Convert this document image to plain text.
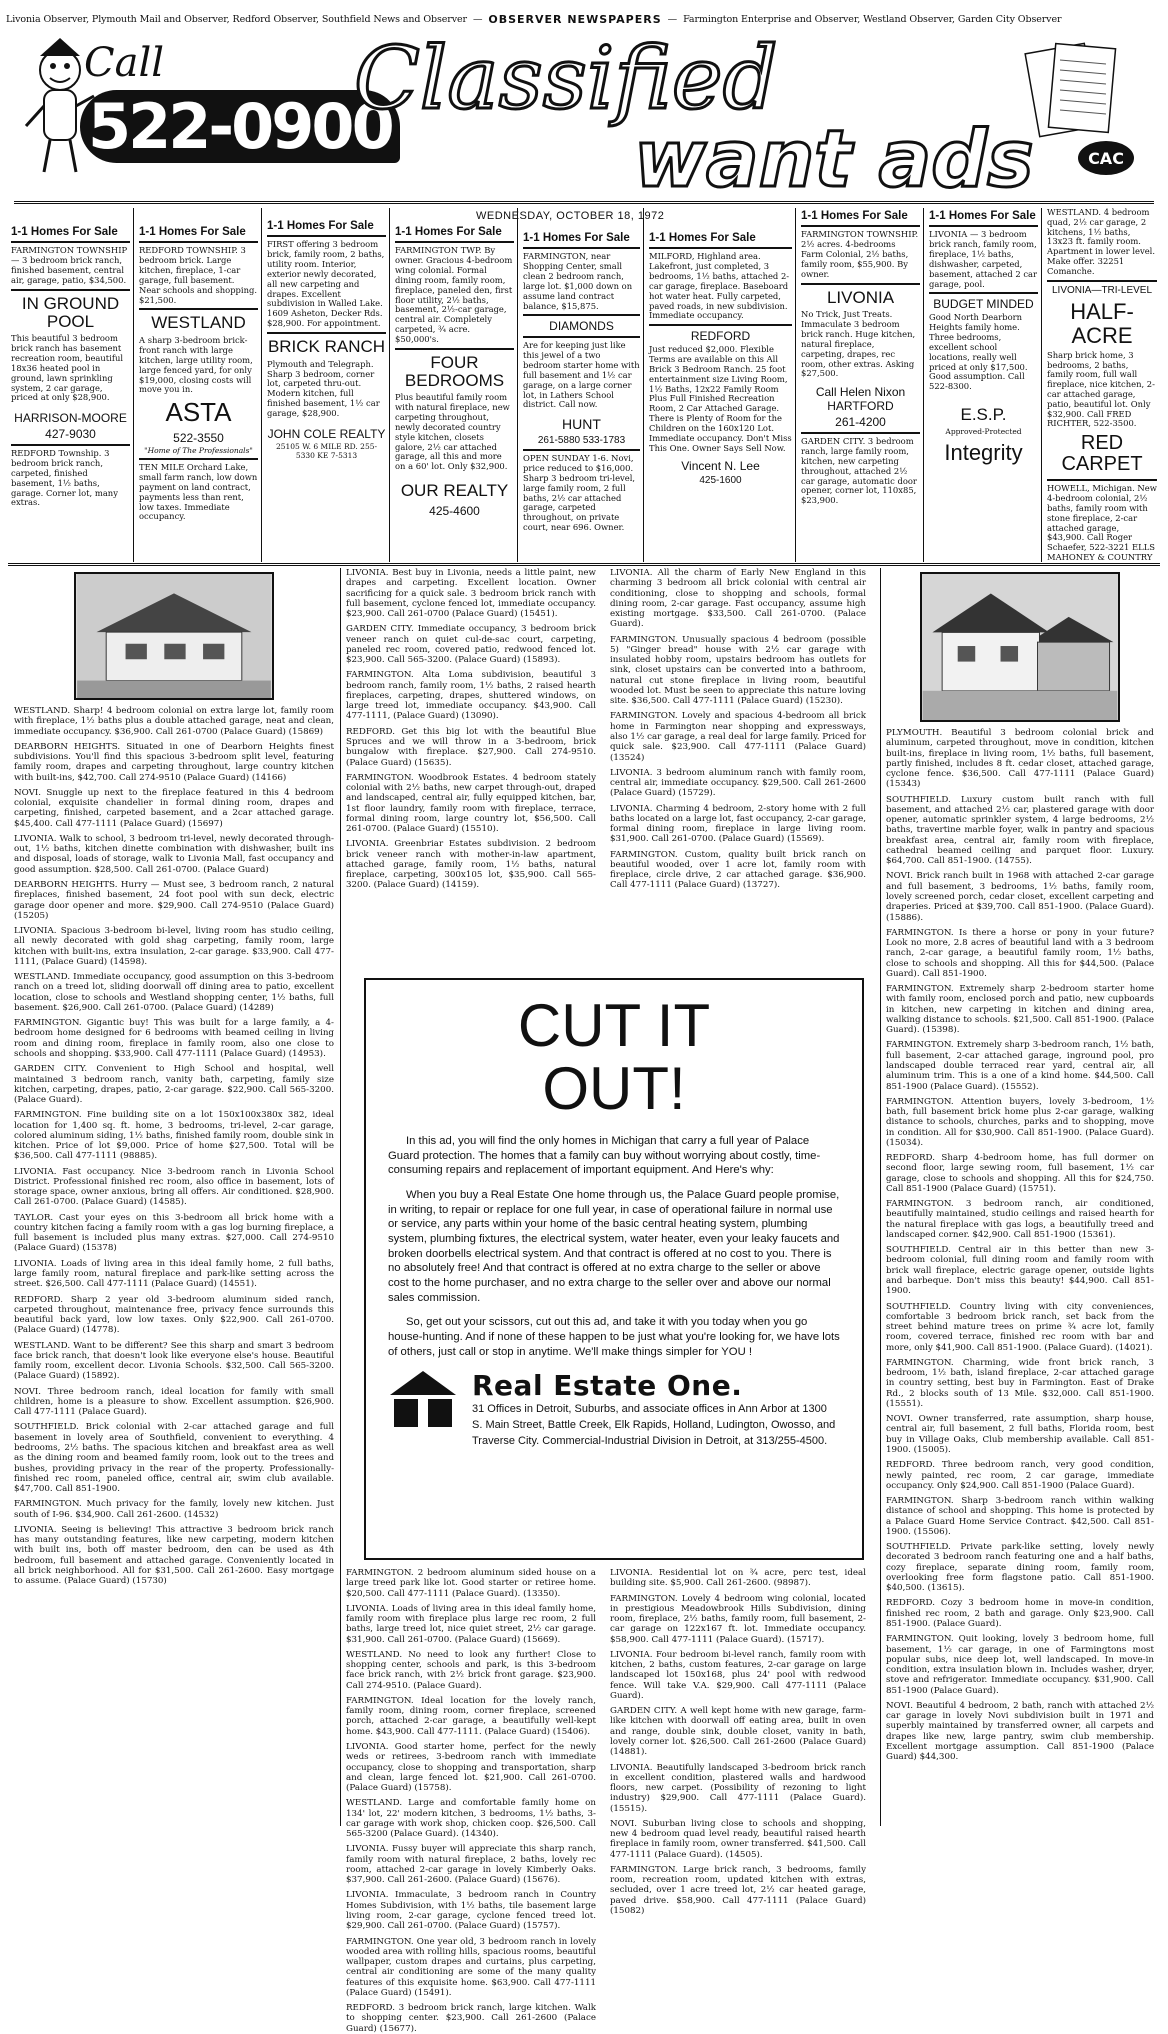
Livonia Observer, Plymouth Mail and Observer, Redford Observer, Southfield News and Observer — OBSERVER NEWSPAPERS — Farmington Enterprise and Observer, Westland Observer, Garden City Observer
Call
522-0900
Classified
want ads	CAC
WEDNESDAY, OCTOBER 18, 1972
1-1 Homes For Sale
FARMINGTON TOWNSHIP — 3 bedroom brick ranch, finished basement, central air, garage, patio, $34,500.
IN GROUND POOL
This beautiful 3 bedroom brick ranch has basement recreation room, beautiful 18x36 heated pool in ground, lawn sprinkling system, 2 car garage, priced at only $28,900.
HARRISON-MOORE
427-9030
REDFORD Township. 3 bedroom brick ranch, carpeted, finished basement, 1½ baths, garage. Corner lot, many extras.
1-1 Homes For Sale
REDFORD TOWNSHIP. 3 bedroom brick. Large kitchen, fireplace, 1-car garage, full basement. Near schools and shopping. $21,500.
WESTLAND
A sharp 3-bedroom brick-front ranch with large kitchen, large utility room, large fenced yard, for only $19,000, closing costs will move you in.
ASTA
522-3550
"Home of The Professionals"
TEN MILE Orchard Lake, small farm ranch, low down payment on land contract, payments less than rent, low taxes. Immediate occupancy.
1-1 Homes For Sale
FIRST offering 3 bedroom brick, family room, 2 baths, utility room. Interior, exterior newly decorated, all new carpeting and drapes. Excellent subdivision in Walled Lake. 1609 Asheton, Decker Rds. $28,900. For appointment.
BRICK RANCH
Plymouth and Telegraph. Sharp 3 bedroom, corner lot, carpeted thru-out. Modern kitchen, full finished basement, 1½ car garage, $28,900.
JOHN COLE REALTY
25105 W. 6 MILE RD. 255-5330 KE 7-5313
1-1 Homes For Sale
FARMINGTON TWP. By owner. Gracious 4-bedroom wing colonial. Formal dining room, family room, fireplace, paneled den, first floor utility, 2½ baths, basement, 2½-car garage, central air. Completely carpeted, ¾ acre. $50,000's.
FOUR BEDROOMS
Plus beautiful family room with natural fireplace, new carpeting throughout, newly decorated country style kitchen, closets galore, 2½ car attached garage, all this and more on a 60' lot. Only $32,900.
OUR REALTY
425-4600
1-1 Homes For Sale
FARMINGTON, near Shopping Center, small clean 2 bedroom ranch, large lot. $1,000 down on assume land contract balance, $15,875.
DIAMONDS
Are for keeping just like this jewel of a two bedroom starter home with full basement and 1½ car garage, on a large corner lot, in Lathers School district. Call now.
HUNT
261-5880 533-1783
OPEN SUNDAY 1-6. Novi, price reduced to $16,000. Sharp 3 bedroom tri-level, large family room, 2 full baths, 2½ car attached garage, carpeted throughout, on private court, near 696. Owner.
1-1 Homes For Sale
MILFORD, Highland area. Lakefront, just completed, 3 bedrooms, 1½ baths, attached 2-car garage, fireplace. Baseboard hot water heat. Fully carpeted, paved roads, in new subdivision. Immediate occupancy.
REDFORD
Just reduced $2,000. Flexible Terms are available on this All Brick 3 Bedroom Ranch. 25 foot entertainment size Living Room, 1½ Baths, 12x22 Family Room Plus Full Finished Recreation Room, 2 Car Attached Garage. There is Plenty of Room for the Children on the 160x120 Lot. Immediate occupancy. Don't Miss This One. Owner Says Sell Now.
Vincent N. Lee
425-1600
1-1 Homes For Sale
FARMINGTON TOWNSHIP. 2½ acres. 4-bedrooms Farm Colonial, 2½ baths, family room, $55,900. By owner.
LIVONIA
No Trick, Just Treats. Immaculate 3 bedroom brick ranch. Huge kitchen, natural fireplace, carpeting, drapes, rec room, other extras. Asking $27,500.
Call Helen Nixon HARTFORD
261-4200
GARDEN CITY. 3 bedroom ranch, large family room, kitchen, new carpeting throughout, attached 2½ car garage, automatic door opener, corner lot, 110x85, $23,900.
1-1 Homes For Sale
LIVONIA — 3 bedroom brick ranch, family room, fireplace, 1½ baths, dishwasher, carpeted, basement, attached 2 car garage, pool.
BUDGET MINDED
Good North Dearborn Heights family home. Three bedrooms, excellent school locations, really well priced at only $17,500. Good assumption. Call 522-8300.
E.S.P.
Approved-Protected
Integrity
WESTLAND. 4 bedroom quad, 2½ car garage, 2 kitchens, 1½ baths, 13x23 ft. family room. Apartment in lower level. Make offer. 32251 Comanche.
LIVONIA—TRI-LEVEL
HALF-ACRE
Sharp brick home, 3 bedrooms, 2 baths, family room, full wall fireplace, nice kitchen, 2-car attached garage, patio, beautiful lot. Only $32,900. Call FRED RICHTER, 522-3500.
RED CARPET
HOWELL, Michigan. New 4-bedroom colonial, 2½ baths, family room with stone fireplace, 2-car attached garage, $43,900. Call Roger Schaefer, 522-3221 ELLS MAHONEY & COUNTRY

WESTLAND. Sharp! 4 bedroom colonial on extra large lot, family room with fireplace, 1½ baths plus a double attached garage, neat and clean, immediate occupancy. $36,900. Call 261-0700 (Palace Guard) (15869)

DEARBORN HEIGHTS. Situated in one of Dearborn Heights finest subdivisions. You'll find this spacious 3-bedroom split level, featuring family room, drapes and carpeting throughout, large country kitchen with built-ins, $42,700. Call 274-9510 (Palace Guard) (14166)

NOVI. Snuggle up next to the fireplace featured in this 4 bedroom colonial, exquisite chandelier in formal dining room, drapes and carpeting, finished, carpeted basement, and a 2car attached garage. $45,400. Call 477-1111 (Palace Guard) (15697)

LIVONIA. Walk to school, 3 bedroom tri-level, newly decorated through-out, 1½ baths, kitchen dinette combination with dishwasher, built ins and disposal, loads of storage, walk to Livonia Mall, fast occupancy and good assumption. $28,500. Call 261-0700. (Palace Guard)

DEARBORN HEIGHTS. Hurry — Must see, 3 bedroom ranch, 2 natural fireplaces, finished basement, 24 foot pool with sun deck, electric garage door opener and more. $29,900. Call 274-9510 (Palace Guard) (15205)

LIVONIA. Spacious 3-bedroom bi-level, living room has studio ceiling, all newly decorated with gold shag carpeting, family room, large kitchen with built-ins, extra insulation, 2-car garage. $33,900. Call 477-1111, (Palace Guard) (14598).

WESTLAND. Immediate occupancy, good assumption on this 3-bedroom ranch on a treed lot, sliding doorwall off dining area to patio, excellent location, close to schools and Westland shopping center, 1½ baths, full basement. $26,900. Call 261-0700. (Palace Guard) (14289)

FARMINGTON. Gigantic buy! This was built for a large family, a 4-bedroom home designed for 6 bedrooms with beamed ceiling in living room and dining room, fireplace in family room, also one close to schools and shopping. $33,900. Call 477-1111 (Palace Guard) (14953).

GARDEN CITY. Convenient to High School and hospital, well maintained 3 bedroom ranch, vanity bath, carpeting, family size kitchen, carpeting, drapes, patio, 2-car garage. $22,900. Call 565-3200. (Palace Guard).

FARMINGTON. Fine building site on a lot 150x100x380x 382, ideal location for 1,400 sq. ft. home, 3 bedrooms, tri-level, 2-car garage, colored aluminum siding, 1½ baths, finished family room, double sink in kitchen. Price of lot $9,000. Price of home $27,500. Total will be $36,500. Call 477-1111 (98885).

LIVONIA. Fast occupancy. Nice 3-bedroom ranch in Livonia School District. Professional finished rec room, also office in basement, lots of storage space, owner anxious, bring all offers. Air conditioned. $28,900. Call 261-0700. (Palace Guard) (14585).

TAYLOR. Cast your eyes on this 3-bedroom all brick home with a country kitchen facing a family room with a gas log burning fireplace, a full basement is included plus many extras. $27,000. Call 274-9510 (Palace Guard) (15378)

LIVONIA. Loads of living area in this ideal family home, 2 full baths, large family room, natural fireplace and park-like setting across the street. $26,500. Call 477-1111 (Palace Guard) (14551).

REDFORD. Sharp 2 year old 3-bedroom aluminum sided ranch, carpeted throughout, maintenance free, privacy fence surrounds this beautiful back yard, low low taxes. Only $22,900. Call 261-0700. (Palace Guard) (14778).

WESTLAND. Want to be different? See this sharp and smart 3 bedroom face brick ranch, that doesn't look like everyone else's house. Beautiful family room, excellent decor. Livonia Schools. $32,500. Call 565-3200. (Palace Guard) (15892).

NOVI. Three bedroom ranch, ideal location for family with small children, home is a pleasure to show. Excellent assumption. $26,900. Call 477-1111 (Palace Guard).

SOUTHFIELD. Brick colonial with 2-car attached garage and full basement in lovely area of Southfield, convenient to everything. 4 bedrooms, 2½ baths. The spacious kitchen and breakfast area as well as the dining room and beamed family room, look out to the trees and bushes, providing privacy in the rear of the property. Professionally-finished rec room, paneled office, central air, swim club available. $47,700. Call 851-1900.

FARMINGTON. Much privacy for the family, lovely new kitchen. Just south of I-96. $34,900. Call 261-2600. (14532)

LIVONIA. Seeing is believing! This attractive 3 bedroom brick ranch has many outstanding features, like new carpeting, modern kitchen with built ins, both off master bedroom, den can be used as 4th bedroom, full basement and attached garage. Conveniently located in all brick neighborhood. All for $31,500. Call 261-2600. Easy mortgage to assume. (Palace Guard) (15730)

LIVONIA. Best buy in Livonia, needs a little paint, new drapes and carpeting. Excellent location. Owner sacrificing for a quick sale. 3 bedroom brick ranch with full basement, cyclone fenced lot, immediate occupancy. $23,900. Call 261-0700 (Palace Guard) (15451).

GARDEN CITY. Immediate occupancy, 3 bedroom brick veneer ranch on quiet cul-de-sac court, carpeting, paneled rec room, covered patio, redwood fenced lot. $23,900. Call 565-3200. (Palace Guard) (15893).

FARMINGTON. Alta Loma subdivision, beautiful 3 bedroom ranch, family room, 1½ baths, 2 raised hearth fireplaces, carpeting, drapes, shuttered windows, on large treed lot, immediate occupancy. $43,900. Call 477-1111, (Palace Guard) (13090).

REDFORD. Get this big lot with the beautiful Blue Spruces and we will throw in a 3-bedroom, brick bungalow with fireplace. $27,900. Call 274-9510. (Palace Guard) (15635).

FARMINGTON. Woodbrook Estates. 4 bedroom stately colonial with 2½ baths, new carpet through-out, draped and landscaped, central air, fully equipped kitchen, bar, 1st floor laundry, family room with fireplace, terrace, formal dining room, large country lot, $56,500. Call 261-0700. (Palace Guard) (15510).

LIVONIA. Greenbriar Estates subdivision. 2 bedroom brick veneer ranch with mother-in-law apartment, attached garage, family room, 1½ baths, natural fireplace, carpeting, 300x105 lot, $35,900. Call 565-3200. (Palace Guard) (14159).

LIVONIA. All the charm of Early New England in this charming 3 bedroom all brick colonial with central air conditioning, close to shopping and schools, formal dining room, 2-car garage. Fast occupancy, assume high existing mortgage. $33,500. Call 261-0700. (Palace Guard).

FARMINGTON. Unusually spacious 4 bedroom (possible 5) "Ginger bread" house with 2½ car garage with insulated hobby room, upstairs bedroom has outlets for sink, closet upstairs can be converted into a bathroom, natural cut stone fireplace in living room, beautiful wooded lot. Must be seen to appreciate this nature loving site. $36,500. Call 477-1111 (Palace Guard) (15230).

FARMINGTON. Lovely and spacious 4-bedroom all brick home in Farmington near shopping and expressways, also 1½ car garage, a real deal for large family. Priced for quick sale. $23,900. Call 477-1111 (Palace Guard) (13524)

LIVONIA. 3 bedroom aluminum ranch with family room, central air, immediate occupancy. $29,500. Call 261-2600 (Palace Guard) (15729).

LIVONIA. Charming 4 bedroom, 2-story home with 2 full baths located on a large lot, fast occupancy, 2-car garage, formal dining room, fireplace in large living room. $31,900. Call 261-0700. (Palace Guard) (15569).

FARMINGTON. Custom, quality built brick ranch on beautiful wooded, over 1 acre lot, family room with fireplace, circle drive, 2 car attached garage. $36,900. Call 477-1111 (Palace Guard) (13727).

CUT IT
OUT!

In this ad, you will find the only homes in Michigan that carry a full year of Palace Guard protection. The homes that a family can buy without worrying about costly, time-consuming repairs and replacement of important equipment. And Here's why:

When you buy a Real Estate One home through us, the Palace Guard people promise, in writing, to repair or replace for one full year, in case of operational failure in normal use or service, any parts within your home of the basic central heating system, plumbing system, plumbing fixtures, the electrical system, water heater, even your leaky faucets and broken doorbells electrical system. And that contract is offered at no cost to you. There is no absolutely free! And that contract is offered at no extra charge to the seller or above cost to the home purchaser, and no extra charge to the seller over and above our normal sales commission.

So, get out your scissors, cut out this ad, and take it with you today when you go house-hunting. And if none of these happen to be just what you're looking for, we have lots of others, just call or stop in anytime. We'll make things simpler for YOU !

Real Estate One.
31 Offices in Detroit, Suburbs, and associate offices in Ann Arbor at 1300 S. Main Street, Battle Creek, Elk Rapids, Holland, Ludington, Owosso, and Traverse City. Commercial-Industrial Division in Detroit, at 313/255-4500.

FARMINGTON. 2 bedroom aluminum sided house on a large treed park like lot. Good starter or retiree home. $20,500. Call 477-1111 (Palace Guard). (13350).

LIVONIA. Loads of living area in this ideal family home, family room with fireplace plus large rec room, 2 full baths, large treed lot, nice quiet street, 2½ car garage. $31,900. Call 261-0700. (Palace Guard) (15669).

WESTLAND. No need to look any further! Close to shopping center, schools and park, is this 3-bedroom face brick ranch, with 2½ brick front garage. $23,900. Call 274-9510. (Palace Guard).

FARMINGTON. Ideal location for the lovely ranch, family room, dining room, corner fireplace, screened porch, attached 2-car garage, a beautifully well-kept home. $43,900. Call 477-1111. (Palace Guard) (15406).

LIVONIA. Good starter home, perfect for the newly weds or retirees, 3-bedroom ranch with immediate occupancy, close to shopping and transportation, sharp and clean, large fenced lot. $21,900. Call 261-0700. (Palace Guard) (15758).

WESTLAND. Large and comfortable family home on 134' lot, 22' modern kitchen, 3 bedrooms, 1½ baths, 3-car garage with work shop, chicken coop. $26,500. Call 565-3200 (Palace Guard). (14340).

LIVONIA. Fussy buyer will appreciate this sharp ranch, family room with natural fireplace, 2 baths, lovely rec room, attached 2-car garage in lovely Kimberly Oaks. $37,900. Call 261-2600. (Palace Guard) (15676).

LIVONIA. Immaculate, 3 bedroom ranch in Country Homes Subdivision, with 1½ baths, tile basement large living room, 2-car garage, cyclone fenced treed lot. $29,900. Call 261-0700. (Palace Guard) (15757).

FARMINGTON. One year old, 3 bedroom ranch in lovely wooded area with rolling hills, spacious rooms, beautiful wallpaper, custom drapes and curtains, plus carpeting, central air conditioning are some of the many quality features of this exquisite home. $63,900. Call 477-1111 (Palace Guard) (15491).

REDFORD. 3 bedroom brick ranch, large kitchen. Walk to shopping center. $23,900. Call 261-2600 (Palace Guard) (15677).

LIVONIA. Residential lot on ¾ acre, perc test, ideal building site. $5,900. Call 261-2600. (98987).

FARMINGTON. Lovely 4 bedroom wing colonial, located in prestigious Meadowbrook Hills Subdivision, dining room, fireplace, 2½ baths, family room, full basement, 2-car garage on 122x167 ft. lot. Immediate occupancy. $58,900. Call 477-1111 (Palace Guard). (15717).

LIVONIA. Four bedroom bi-level ranch, family room with kitchen, 2 baths, custom features, 2-car garage on large landscaped lot 150x168, plus 24' pool with redwood fence. Will take V.A. $29,900. Call 477-1111 (Palace Guard).

GARDEN CITY. A well kept home with new garage, farm-like kitchen with doorwall off eating area, built in oven and range, double sink, double closet, vanity in bath, lovely corner lot. $26,500. Call 261-2600 (Palace Guard) (14881).

LIVONIA. Beautifully landscaped 3-bedroom brick ranch in excellent condition, plastered walls and hardwood floors, new carpet. (Possibility of rezoning to light industry) $29,900. Call 477-1111 (Palace Guard). (15515).

NOVI. Suburban living close to schools and shopping, new 4 bedroom quad level ready, beautiful raised hearth fireplace in family room, owner transferred. $41,500. Call 477-1111 (Palace Guard). (14505).

FARMINGTON. Large brick ranch, 3 bedrooms, family room, recreation room, updated kitchen with extras, secluded, over 1 acre treed lot, 2½ car heated garage, paved drive. $58,900. Call 477-1111 (Palace Guard) (15082)

PLYMOUTH. Beautiful 3 bedroom colonial brick and aluminum, carpeted throughout, move in condition, kitchen built-ins, fireplace in living room, 1½ baths, full basement, partly finished, includes 8 ft. cedar closet, attached garage, cyclone fence. $36,500. Call 477-1111 (Palace Guard) (15343)

SOUTHFIELD. Luxury custom built ranch with full basement, and attached 2½ car, plastered garage with door opener, automatic sprinkler system, 4 large bedrooms, 2½ baths, travertine marble foyer, walk in pantry and spacious breakfast area, central air, family room with fireplace, cathedral beamed ceiling and parquet floor. Luxury. $64,700. Call 851-1900. (14755).

NOVI. Brick ranch built in 1968 with attached 2-car garage and full basement, 3 bedrooms, 1½ baths, family room, lovely screened porch, cedar closet, excellent carpeting and draperies. Priced at $39,700. Call 851-1900. (Palace Guard). (15886).

FARMINGTON. Is there a horse or pony in your future? Look no more, 2.8 acres of beautiful land with a 3 bedroom ranch, 2-car garage, a beautiful family room, 1½ baths, close to schools and shopping. All this for $44,500. (Palace Guard). Call 851-1900.

FARMINGTON. Extremely sharp 2-bedroom starter home with family room, enclosed porch and patio, new cupboards in kitchen, new carpeting in kitchen and dining area, walking distance to schools. $21,500. Call 851-1900. (Palace Guard). (15398).

FARMINGTON. Extremely sharp 3-bedroom ranch, 1½ bath, full basement, 2-car attached garage, inground pool, pro landscaped double terraced rear yard, central air, all aluminum trim. This is a one of a kind home. $44,500. Call 851-1900 (Palace Guard). (15552).

FARMINGTON. Attention buyers, lovely 3-bedroom, 1½ bath, full basement brick home plus 2-car garage, walking distance to schools, churches, parks and to shopping, move in condition. All for $30,900. Call 851-1900. (Palace Guard). (15034).

REDFORD. Sharp 4-bedroom home, has full dormer on second floor, large sewing room, full basement, 1½ car garage, close to schools and shopping. All this for $24,750. Call 851-1900 (Palace Guard) (15751).

FARMINGTON. 3 bedroom ranch, air conditioned, beautifully maintained, studio ceilings and raised hearth for the natural fireplace with gas logs, a beautifully treed and landscaped corner. $42,900. Call 851-1900 (15361).

SOUTHFIELD. Central air in this better than new 3-bedroom colonial, full dining room and family room with brick wall fireplace, electric garage opener, outside lights and barbeque. Don't miss this beauty! $44,900. Call 851-1900.

SOUTHFIELD. Country living with city conveniences, comfortable 3 bedroom brick ranch, set back from the street behind mature trees on prime ¾ acre lot, family room, covered terrace, finished rec room with bar and more, only $41,900. Call 851-1900. (Palace Guard). (14021).

FARMINGTON. Charming, wide front brick ranch, 3 bedroom, 1½ bath, island fireplace, 2-car attached garage in country setting, best buy in Farmington. East of Drake Rd., 2 blocks south of 13 Mile. $32,000. Call 851-1900. (15551).

NOVI. Owner transferred, rate assumption, sharp house, central air, full basement, 2 full baths, Florida room, best buy in Village Oaks, Club membership available. Call 851-1900. (15005).

REDFORD. Three bedroom ranch, very good condition, newly painted, rec room, 2 car garage, immediate occupancy. Only $24,900. Call 851-1900 (Palace Guard).

FARMINGTON. Sharp 3-bedroom ranch within walking distance of school and shopping. This home is protected by a Palace Guard Home Service Contract. $42,500. Call 851-1900. (15506).

SOUTHFIELD. Private park-like setting, lovely newly decorated 3 bedroom ranch featuring one and a half baths, cozy fireplace, separate dining room, family room, overlooking free form flagstone patio. Call 851-1900. $40,500. (13615).

REDFORD. Cozy 3 bedroom home in move-in condition, finished rec room, 2 bath and garage. Only $23,900. Call 851-1900. (Palace Guard).

FARMINGTON. Quit looking, lovely 3 bedroom home, full basement, 1½ car garage, in one of Farmingtons most popular subs, nice deep lot, well landscaped. In move-in condition, extra insulation blown in. Includes washer, dryer, stove and refrigerator. Immediate occupancy. $31,900. Call 851-1900 (Palace Guard).

NOVI. Beautiful 4 bedroom, 2 bath, ranch with attached 2½ car garage in lovely Novi subdivision built in 1971 and superbly maintained by transferred owner, all carpets and drapes like new, large pantry, swim club membership. Excellent mortgage assumption. Call 851-1900 (Palace Guard) $44,300.
